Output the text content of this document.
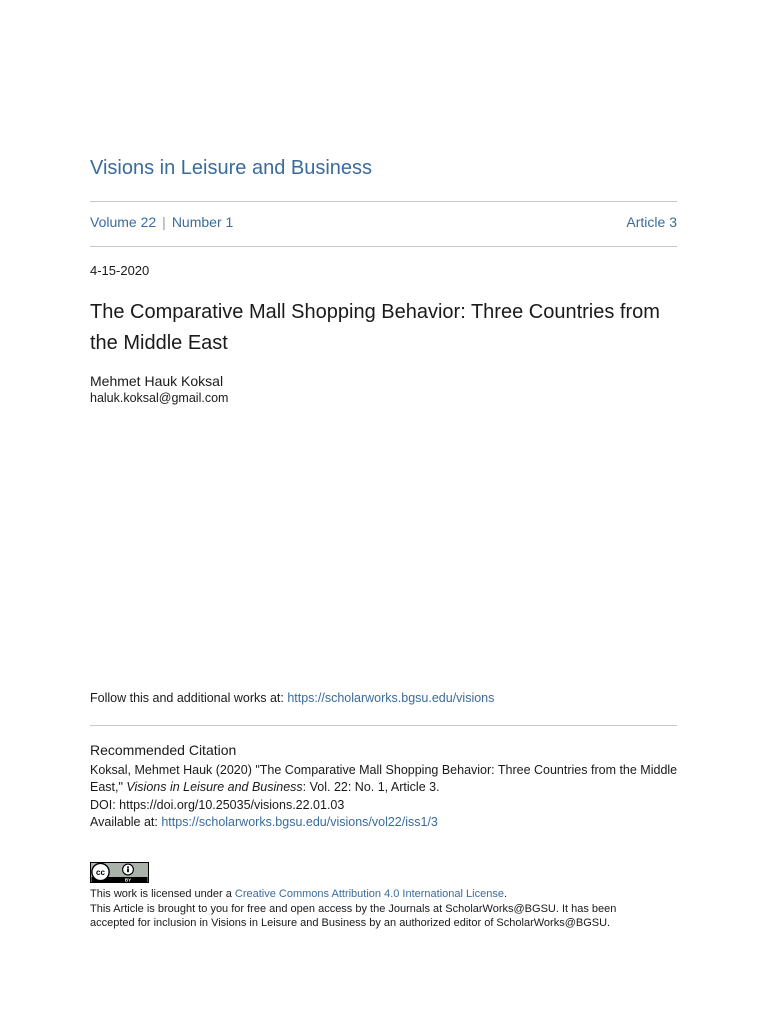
Visions in Leisure and Business
Volume 22 | Number 1	Article 3
4-15-2020
The Comparative Mall Shopping Behavior: Three Countries from the Middle East
Mehmet Hauk Koksal
haluk.koksal@gmail.com
Follow this and additional works at: https://scholarworks.bgsu.edu/visions
Recommended Citation
Koksal, Mehmet Hauk (2020) "The Comparative Mall Shopping Behavior: Three Countries from the Middle
East," Visions in Leisure and Business: Vol. 22: No. 1, Article 3.
DOI: https://doi.org/10.25035/visions.22.01.03
Available at: https://scholarworks.bgsu.edu/visions/vol22/iss1/3
cc
BY
This work is licensed under a Creative Commons Attribution 4.0 International License.
This Article is brought to you for free and open access by the Journals at ScholarWorks@BGSU. It has been
accepted for inclusion in Visions in Leisure and Business by an authorized editor of ScholarWorks@BGSU.
